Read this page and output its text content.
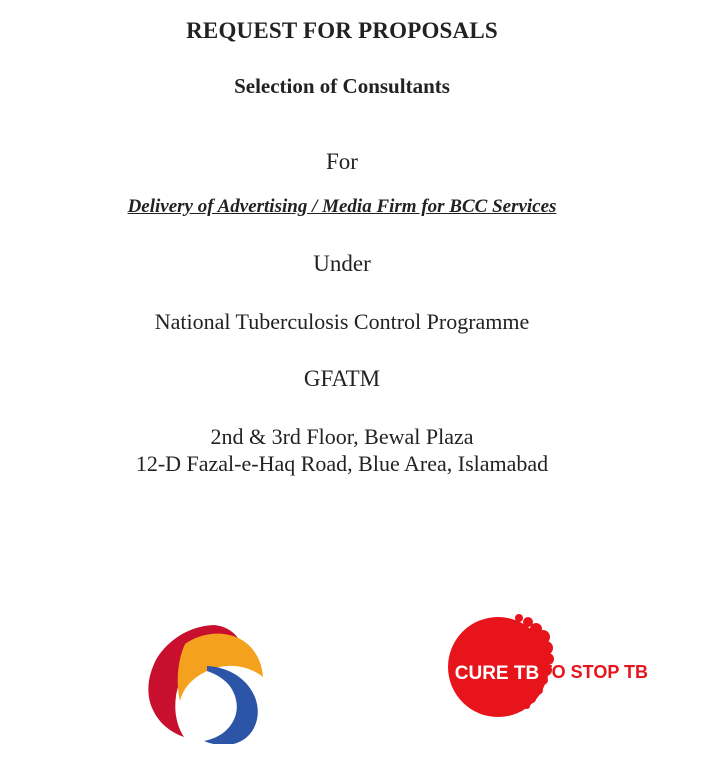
REQUEST FOR PROPOSALS
Selection of Consultants
For
Delivery of Advertising / Media Firm for BCC Services
Under
National Tuberculosis Control Programme
GFATM
2nd & 3rd Floor, Bewal Plaza
12-D Fazal-e-Haq Road, Blue Area, Islamabad
CURE TB TO STOP TB
